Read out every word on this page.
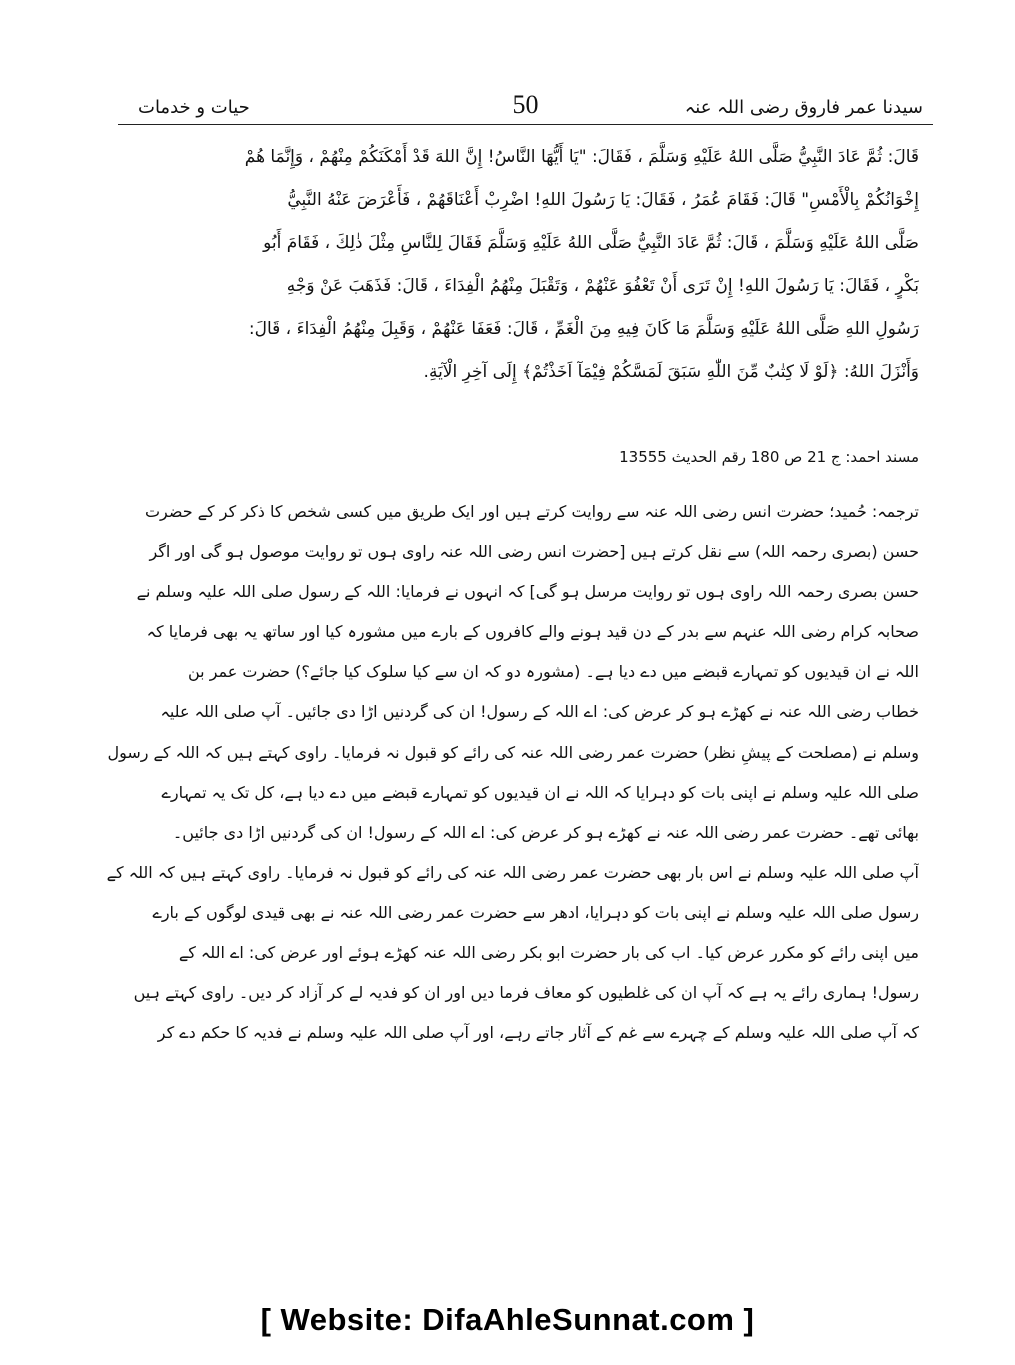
حیات و خدمات	50	سیدنا عمر فاروق رضی اللہ عنہ
قَالَ: ثُمَّ عَادَ النَّبِيُّ صَلَّى اللهُ عَلَيْهِ وَسَلَّمَ ، فَقَالَ: "يَا أَيُّهَا النَّاسُ! إِنَّ اللهَ قَدْ أَمْكَنَكُمْ مِنْهُمْ ، وَإِنَّمَا هُمْ
إِخْوَانُكُمْ بِالْأَمْسِ" قَالَ: فَقَامَ عُمَرُ ، فَقَالَ: يَا رَسُولَ اللهِ! اضْرِبْ أَعْنَاقَهُمْ ، فَأَعْرَضَ عَنْهُ النَّبِيُّ
صَلَّى اللهُ عَلَيْهِ وَسَلَّمَ ، قَالَ: ثُمَّ عَادَ النَّبِيُّ صَلَّى اللهُ عَلَيْهِ وَسَلَّمَ فَقَالَ لِلنَّاسِ مِثْلَ ذٰلِكَ ، فَقَامَ أَبُو
بَكْرٍ ، فَقَالَ: يَا رَسُولَ اللهِ! إِنْ تَرَى أَنْ تَعْفُوَ عَنْهُمْ ، وَتَقْبَلَ مِنْهُمُ الْفِدَاءَ ، قَالَ: فَذَهَبَ عَنْ وَجْهِ
رَسُولِ اللهِ صَلَّى اللهُ عَلَيْهِ وَسَلَّمَ مَا كَانَ فِيهِ مِنَ الْغَمِّ ، قَالَ: فَعَفَا عَنْهُمْ ، وَقَبِلَ مِنْهُمُ الْفِدَاءَ ، قَالَ:
وَأَنْزَلَ اللهُ: ﴿لَوْ لَا كِتٰبٌ مِّنَ اللّٰهِ سَبَقَ لَمَسَّكُمْ فِيْمَآ اَخَذْتُمْ﴾ إِلَى آخِرِ الْآيَةِ.
مسند احمد: ج 21 ص 180 رقم الحدیث 13555
ترجمہ: حُمید؛ حضرت انس رضی اللہ عنہ سے روایت کرتے ہیں اور ایک طریق میں کسی شخص کا ذکر کر کے حضرت
حسن (بصری رحمہ اللہ) سے نقل کرتے ہیں [حضرت انس رضی اللہ عنہ راوی ہوں تو روایت موصول ہو گی اور اگر
حسن بصری رحمہ اللہ راوی ہوں تو روایت مرسل ہو گی] کہ انہوں نے فرمایا: اللہ کے رسول صلی اللہ علیہ وسلم نے
صحابہ کرام رضی اللہ عنہم سے بدر کے دن قید ہونے والے کافروں کے بارے میں مشورہ کیا اور ساتھ یہ بھی فرمایا کہ
اللہ نے ان قیدیوں کو تمہارے قبضے میں دے دیا ہے۔ (مشورہ دو کہ ان سے کیا سلوک کیا جائے؟) حضرت عمر بن
خطاب رضی اللہ عنہ نے کھڑے ہو کر عرض کی: اے اللہ کے رسول! ان کی گردنیں اڑا دی جائیں۔ آپ صلی اللہ علیہ
وسلم نے (مصلحت کے پیشِ نظر) حضرت عمر رضی اللہ عنہ کی رائے کو قبول نہ فرمایا۔ راوی کہتے ہیں کہ اللہ کے رسول
صلی اللہ علیہ وسلم نے اپنی بات کو دہرایا کہ اللہ نے ان قیدیوں کو تمہارے قبضے میں دے دیا ہے، کل تک یہ تمہارے
بھائی تھے۔ حضرت عمر رضی اللہ عنہ نے کھڑے ہو کر عرض کی: اے اللہ کے رسول! ان کی گردنیں اڑا دی جائیں۔
آپ صلی اللہ علیہ وسلم نے اس بار بھی حضرت عمر رضی اللہ عنہ کی رائے کو قبول نہ فرمایا۔ راوی کہتے ہیں کہ اللہ کے
رسول صلی اللہ علیہ وسلم نے اپنی بات کو دہرایا، ادھر سے حضرت عمر رضی اللہ عنہ نے بھی قیدی لوگوں کے بارے
میں اپنی رائے کو مکرر عرض کیا۔ اب کی بار حضرت ابو بکر رضی اللہ عنہ کھڑے ہوئے اور عرض کی: اے اللہ کے
رسول! ہماری رائے یہ ہے کہ آپ ان کی غلطیوں کو معاف فرما دیں اور ان کو فدیہ لے کر آزاد کر دیں۔ راوی کہتے ہیں
کہ آپ صلی اللہ علیہ وسلم کے چہرے سے غم کے آثار جاتے رہے، اور آپ صلی اللہ علیہ وسلم نے فدیہ کا حکم دے کر
[ Website: DifaAhleSunnat.com ]
